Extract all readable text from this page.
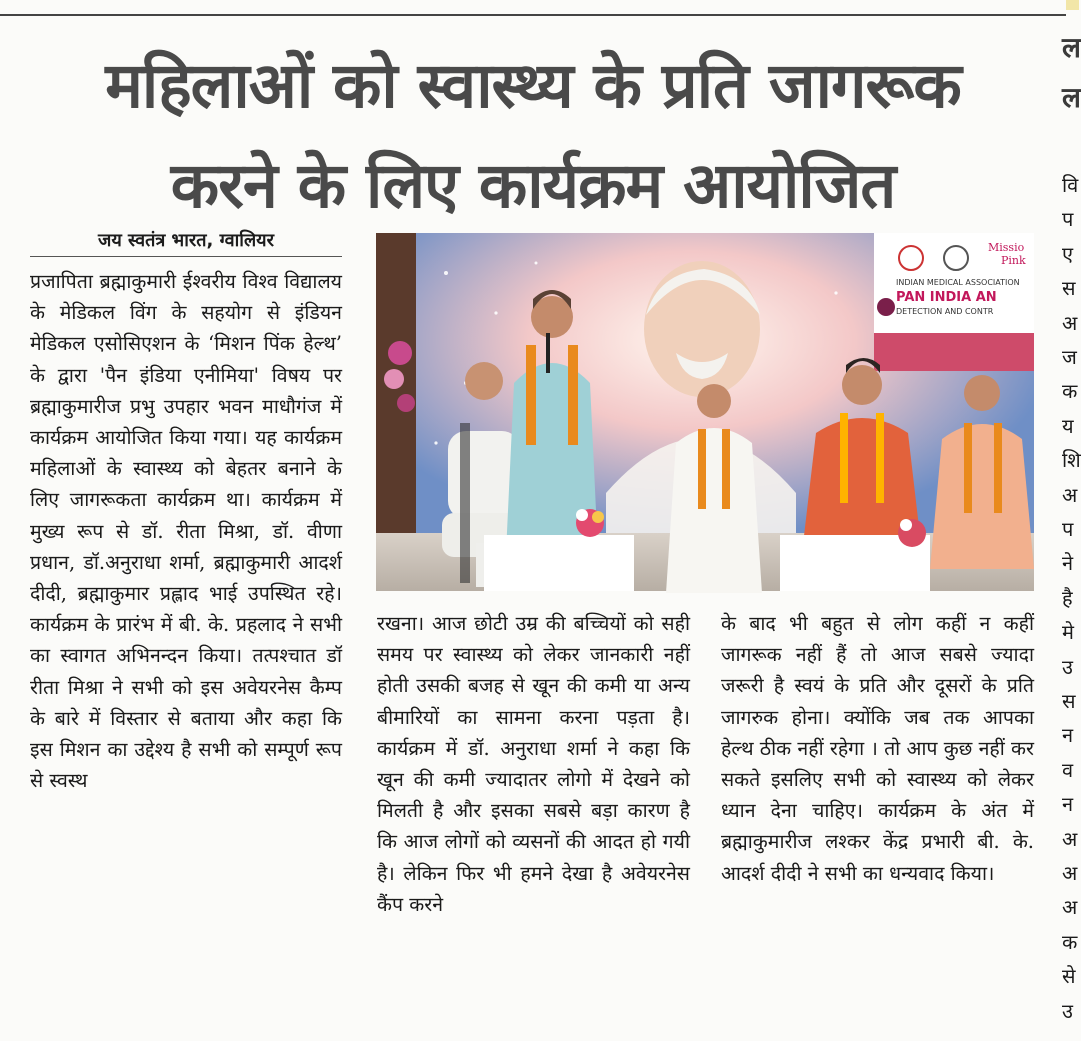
महिलाओं को स्वास्थ्य के प्रति जागरूक
करने के लिए कार्यक्रम आयोजित
जय स्वतंत्र भारत, ग्वालियर
प्रजापिता ब्रह्माकुमारी ईश्वरीय विश्व विद्यालय के मेडिकल विंग के सहयोग से इंडियन मेडिकल एसोसिएशन के ‘मिशन पिंक हेल्थ’ के द्वारा 'पैन इंडिया एनीमिया' विषय पर ब्रह्माकुमारीज प्रभु उपहार भवन माधौगंज में कार्यक्रम आयोजित किया गया। यह कार्यक्रम महिलाओं के स्वास्थ्य को बेहतर बनाने के लिए जागरूकता कार्यक्रम था। कार्यक्रम में मुख्य रूप से डॉ. रीता मिश्रा, डॉ. वीणा प्रधान, डॉ.अनुराधा शर्मा, ब्रह्माकुमारी आदर्श दीदी, ब्रह्माकुमार प्रह्लाद भाई उपस्थित रहे। कार्यक्रम के प्रारंभ में बी. के. प्रहलाद ने सभी का स्वागत अभिनन्दन किया। तत्पश्चात डॉ रीता मिश्रा ने सभी को इस अवेयरनेस कैम्प के बारे में विस्तार से बताया और कहा कि इस मिशन का उद्देश्य है सभी को सम्पूर्ण रूप से स्वस्थ
Missio
Pink
INDIAN MEDICAL ASSOCIATION
PAN INDIA AN
DETECTION AND CONTR
रखना। आज छोटी उम्र की बच्चियों को सही समय पर स्वास्थ्य को लेकर जानकारी नहीं होती उसकी बजह से खून की कमी या अन्य बीमारियों का सामना करना पड़ता है। कार्यक्रम में डॉ. अनुराधा शर्मा ने कहा कि खून की कमी ज्यादातर लोगो में देखने को मिलती है और इसका सबसे बड़ा कारण है कि आज लोगों को व्यसनों की आदत हो गयी है। लेकिन फिर भी हमने देखा है अवेयरनेस कैंप करने
के बाद भी बहुत से लोग कहीं न कहीं जागरूक नहीं हैं तो आज सबसे ज्यादा जरूरी है स्वयं के प्रति और दूसरों के प्रति जागरुक होना। क्योंकि जब तक आपका हेल्थ ठीक नहीं रहेगा । तो आप कुछ नहीं कर सकते इसलिए सभी को स्वास्थ्य को लेकर ध्यान देना चाहिए। कार्यक्रम के अंत में ब्रह्माकुमारीज लश्कर केंद्र प्रभारी बी. के. आदर्श दीदी ने सभी का धन्यवाद किया।
ल
ल
वि
प
ए
स
अ
ज
क
य
शि
अ
प
ने
है
मे
उ
स
न
व
न
अ
अ
अ
क
से
उ
